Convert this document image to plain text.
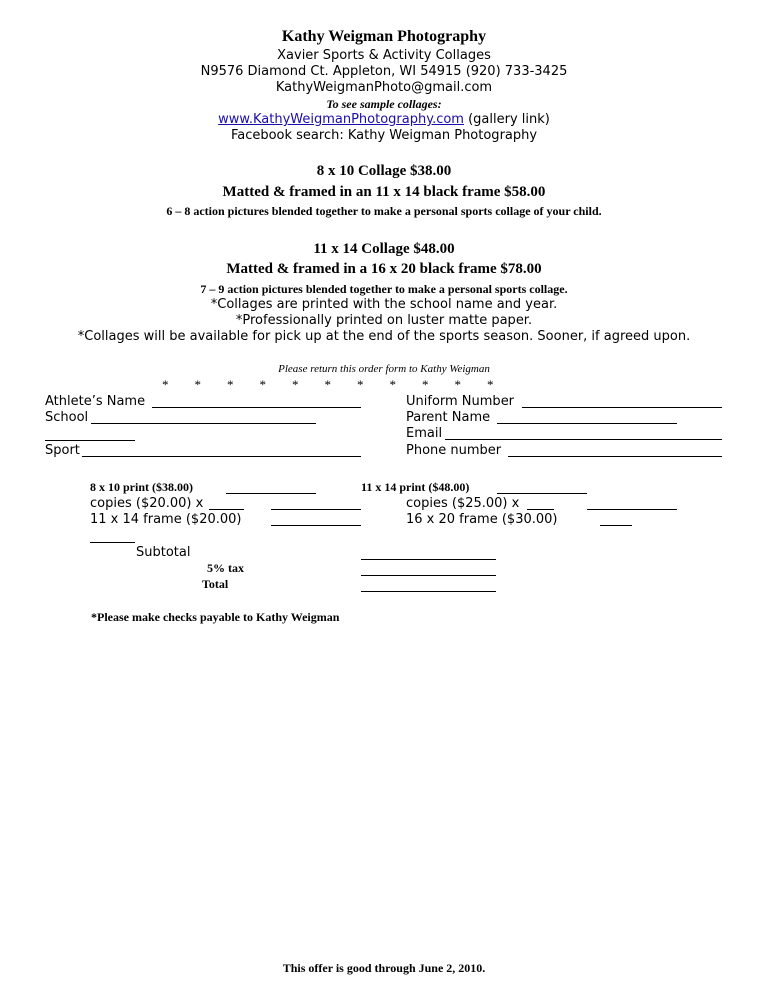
Kathy Weigman Photography
Xavier Sports & Activity Collages
N9576 Diamond Ct. Appleton, WI 54915 (920) 733-3425
KathyWeigmanPhoto@gmail.com
To see sample collages:
www.KathyWeigmanPhotography.com (gallery link)
Facebook search: Kathy Weigman Photography
8 x 10 Collage $38.00
Matted & framed in an 11 x 14 black frame $58.00
6 – 8 action pictures blended together to make a personal sports collage of your child.
11 x 14 Collage $48.00
Matted & framed in a 16 x 20 black frame $78.00
7 – 9 action pictures blended together to make a personal sports collage.
*Collages are printed with the school name and year.
*Professionally printed on luster matte paper.
*Collages will be available for pick up at the end of the sports season. Sooner, if agreed upon.
Please return this order form to Kathy Weigman
*        *        *        *        *        *        *        *        *        *        *
Athlete’s Name
School
Sport
Uniform Number
Parent Name
Email
Phone number
8 x 10 print ($38.00)
copies ($20.00) x
11 x 14 frame ($20.00)
11 x 14 print ($48.00)
copies ($25.00) x
16 x 20 frame ($30.00)
Subtotal
5% tax
Total
*Please make checks payable to Kathy Weigman
This offer is good through June 2, 2010.
